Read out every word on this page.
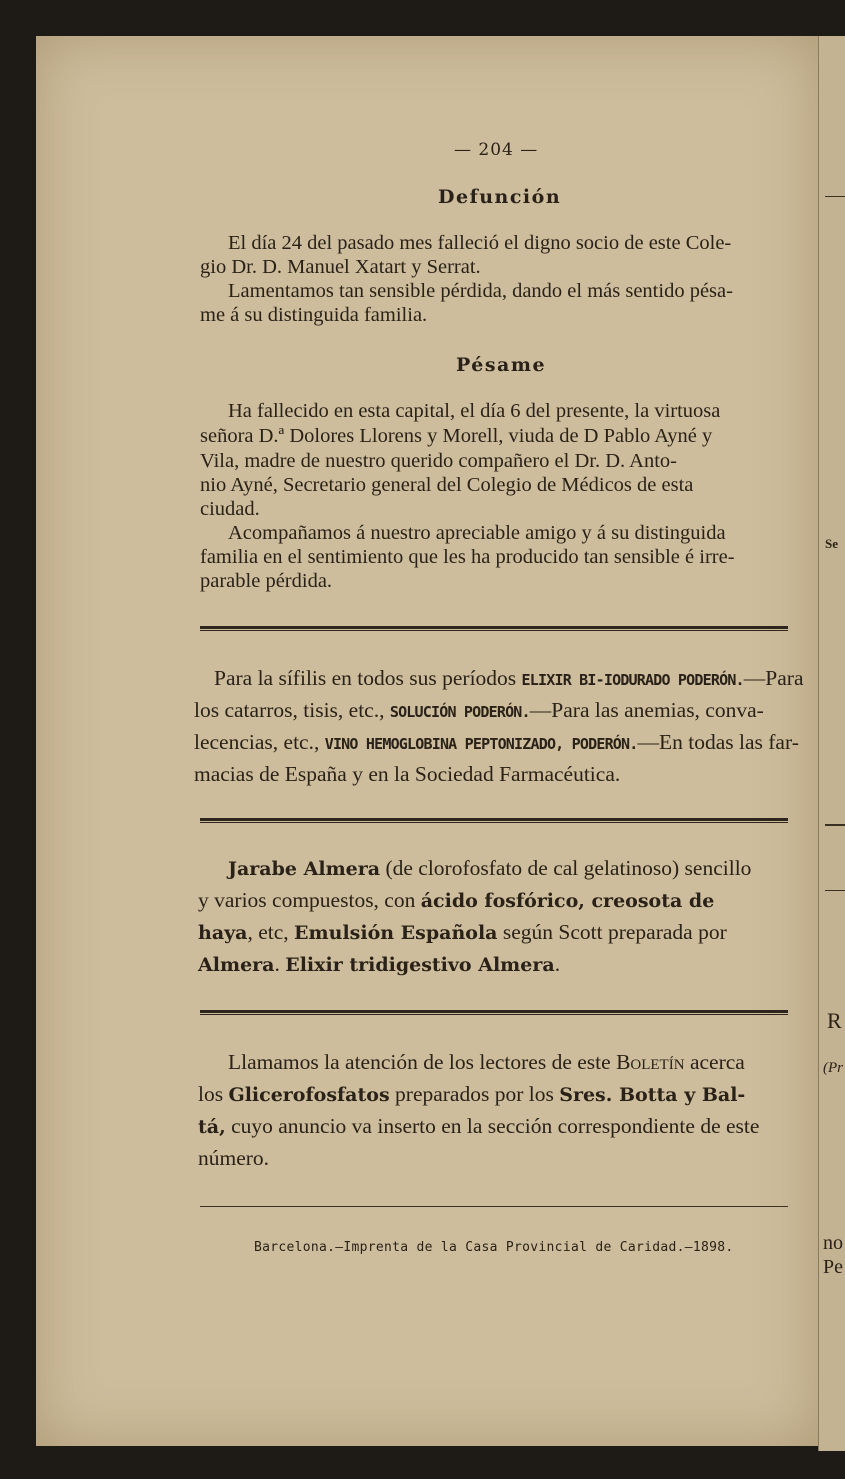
— 204 —
Defunción
El día 24 del pasado mes falleció el digno socio de este Cole-
gio Dr. D. Manuel Xatart y Serrat.
Lamentamos tan sensible pérdida, dando el más sentido pésa-
me á su distinguida familia.
Pésame
Ha fallecido en esta capital, el día 6 del presente, la virtuosa
señora D.ª Dolores Llorens y Morell, viuda de D Pablo Ayné y
Vila, madre de nuestro querido compañero el Dr. D. Anto-
nio Ayné, Secretario general del Colegio de Médicos de esta
ciudad.
Acompañamos á nuestro apreciable amigo y á su distinguida
familia en el sentimiento que les ha producido tan sensible é irre-
parable pérdida.
Para la sífilis en todos sus períodos ELIXIR BI-IODURADO PODERÓN.—Para
los catarros, tisis, etc., SOLUCIÓN PODERÓN.—Para las anemias, conva-
lecencias, etc., VINO HEMOGLOBINA PEPTONIZADO, PODERÓN.—En todas las far-
macias de España y en la Sociedad Farmacéutica.
Jarabe Almera (de clorofosfato de cal gelatinoso) sencillo
y varios compuestos, con ácido fosfórico, creosota de
haya, etc, Emulsión Española según Scott preparada por
Almera. Elixir tridigestivo Almera.
Llamamos la atención de los lectores de este Boletín acerca
los Glicerofosfatos preparados por los Sres. Botta y Bal-
tá, cuyo anuncio va inserto en la sección correspondiente de este
número.
Barcelona.—Imprenta de la Casa Provincial de Caridad.—1898.
Se
R
(Pr
no
Pe
